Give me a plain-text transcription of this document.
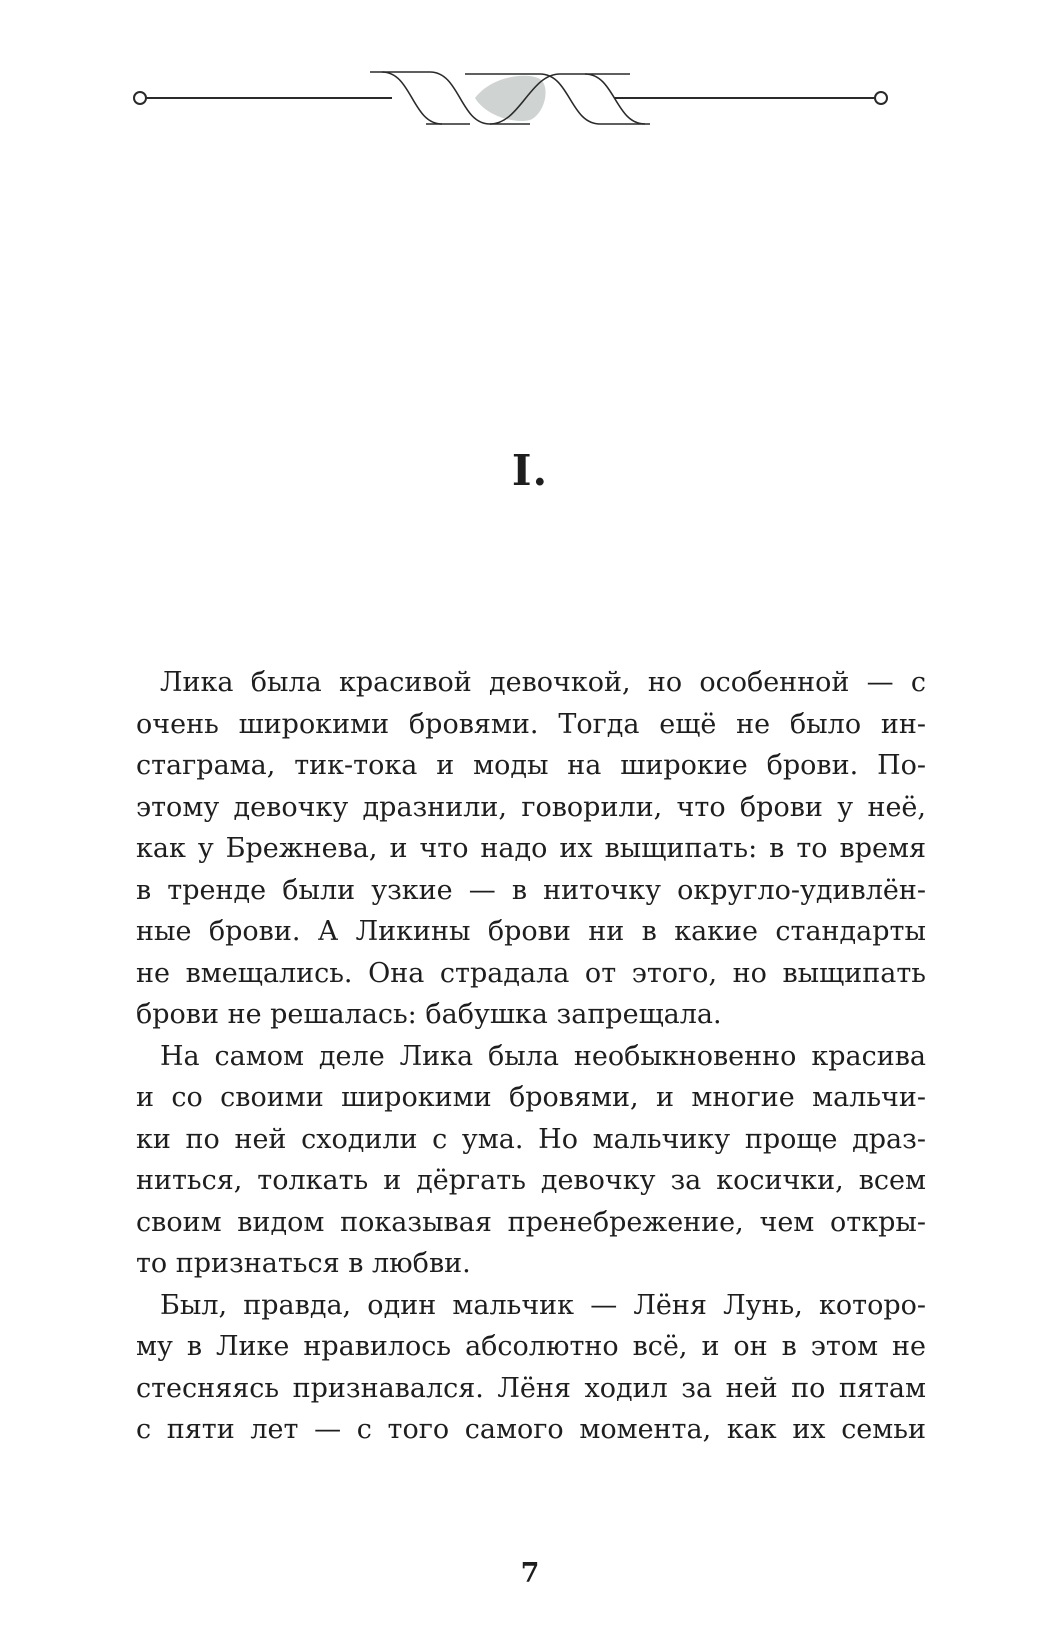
I.
Лика была красивой девочкой, но особенной — с
очень широкими бровями. Тогда ещё не было ин-
стаграма, тик-тока и моды на широкие брови. По-
этому девочку дразнили, говорили, что брови у неё,
как у Брежнева, и что надо их выщипать: в то время
в тренде были узкие — в ниточку округло-удивлён-
ные брови. А Ликины брови ни в какие стандарты
не вмещались. Она страдала от этого, но выщипать
брови не решалась: бабушка запрещала.
На самом деле Лика была необыкновенно красива
и со своими широкими бровями, и многие мальчи-
ки по ней сходили с ума. Но мальчику проще драз-
ниться, толкать и дёргать девочку за косички, всем
своим видом показывая пренебрежение, чем откры-
то признаться в любви.
Был, правда, один мальчик — Лёня Лунь, которо-
му в Лике нравилось абсолютно всё, и он в этом не
стесняясь признавался. Лёня ходил за ней по пятам
с пяти лет — с того самого момента, как их семьи
7
